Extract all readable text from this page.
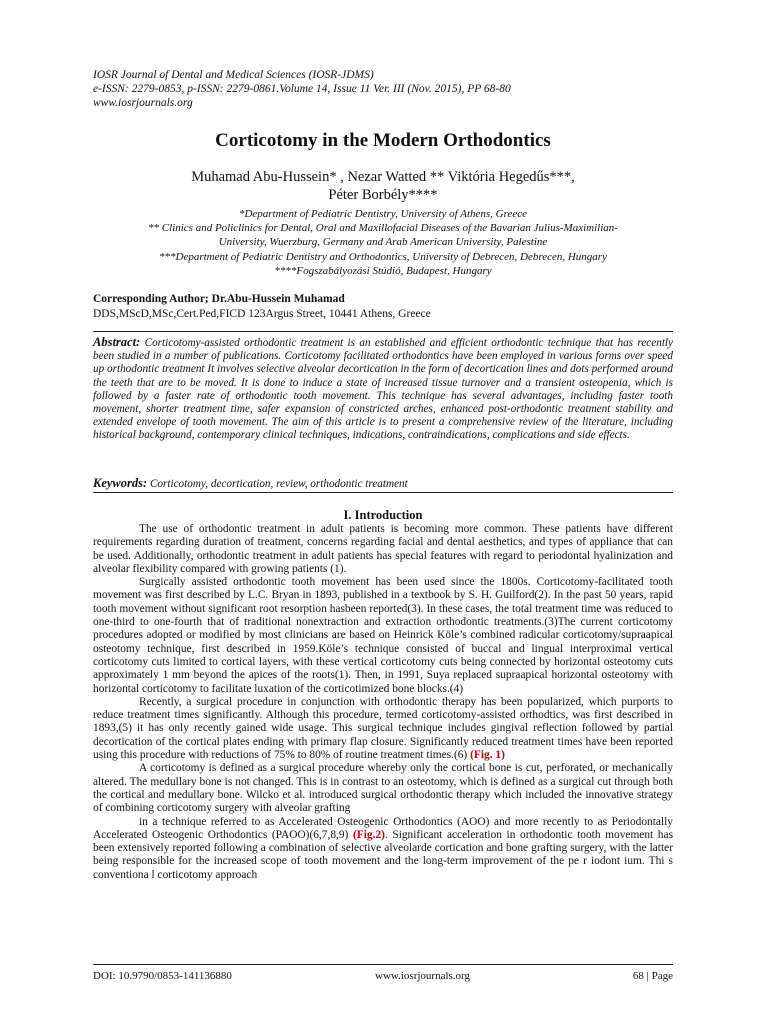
IOSR Journal of Dental and Medical Sciences (IOSR-JDMS)
e-ISSN: 2279-0853, p-ISSN: 2279-0861.Volume 14, Issue 11 Ver. III (Nov. 2015), PP 68-80
www.iosrjournals.org
Corticotomy in the Modern Orthodontics
Muhamad Abu-Hussein* , Nezar Watted ** Viktória Hegedűs***,
Péter Borbély****
*Department of Pediatric Dentistry, University of Athens, Greece
** Clinics and Policlinics for Dental, Oral and Maxillofacial Diseases of the Bavarian Julius-Maximilian-
University, Wuerzburg, Germany and Arab American University, Palestine
***Department of Pediatric Dentistry and Orthodontics, University of Debrecen, Debrecen, Hungary
****Fogszabályozási Stúdió, Budapest, Hungary
Corresponding Author; Dr.Abu-Hussein Muhamad
DDS,MScD,MSc,Cert.Ped,FICD 123Argus Street, 10441 Athens, Greece
Abstract: Corticotomy-assisted orthodontic treatment is an established and efficient orthodontic technique that has recently been studied in a number of publications. Corticotomy facilitated orthodontics have been employed in various forms over speed up orthodontic treatment It involves selective alveolar decortication in the form of decortication lines and dots performed around the teeth that are to be moved. It is done to induce a state of increased tissue turnover and a transient osteopenia, which is followed by a faster rate of orthodontic tooth movement. This technique has several advantages, including faster tooth movement, shorter treatment time, safer expansion of constricted arches, enhanced post-orthodontic treatment stability and extended envelope of tooth movement. The aim of this article is to present a comprehensive review of the literature, including historical background, contemporary clinical techniques, indications, contraindications, complications and side effects.
Keywords: Corticotomy, decortication, review, orthodontic treatment
I. Introduction

The use of orthodontic treatment in adult patients is becoming more common. These patients have different requirements regarding duration of treatment, concerns regarding facial and dental aesthetics, and types of appliance that can be used. Additionally, orthodontic treatment in adult patients has special features with regard to periodontal hyalinization and alveolar flexibility compared with growing patients (1).

Surgically assisted orthodontic tooth movement has been used since the 1800s. Corticotomy-facilitated tooth movement was first described by L.C. Bryan in 1893, published in a textbook by S. H. Guilford(2). In the past 50 years, rapid tooth movement without significant root resorption hasbeen reported(3). In these cases, the total treatment time was reduced to one-third to one-fourth that of traditional nonextraction and extraction orthodontic treatments.(3)The current corticotomy procedures adopted or modified by most clinicians are based on Heinrick Köle’s combined radicular corticotomy/supraapical osteotomy technique, first described in 1959.Köle’s technique consisted of buccal and lingual interproximal vertical corticotomy cuts limited to cortical layers, with these vertical corticotomy cuts being connected by horizontal osteotomy cuts approximately 1 mm beyond the apices of the roots(1). Then, in 1991, Suya replaced supraapical horizontal osteotomy with horizontal corticotomy to facilitate luxation of the corticotimized bone blocks.(4)

Recently, a surgical procedure in conjunction with orthodontic therapy has been popularized, which purports to reduce treatment times significantly. Although this procedure, termed corticotomy-assisted orthodtics, was first described in 1893,(5) it has only recently gained wide usage. This surgical technique includes gingival reflection followed by partial decortication of the cortical plates ending with primary flap closure. Significantly reduced treatment times have been reported using this procedure with reductions of 75% to 80% of routine treatment times.(6) (Fig. 1)

A corticotomy is defined as a surgical procedure whereby only the cortical bone is cut, perforated, or mechanically altered. The medullary bone is not changed. This is in contrast to an osteotomy, which is defined as a surgical cut through both the cortical and medullary bone. Wilcko et al. introduced surgical orthodontic therapy which included the innovative strategy of combining corticotomy surgery with alveolar grafting

in a technique referred to as Accelerated Osteogenic Orthodontics (AOO) and more recently to as Periodontally Accelerated Osteogenic Orthodontics (PAOO)(6,7,8,9) (Fig.2). Significant acceleration in orthodontic tooth movement has been extensively reported following a combination of selective alveolarde cortication and bone grafting surgery, with the latter being responsible for the increased scope of tooth movement and the long-term improvement of the pe r iodont ium. Thi s conventiona l corticotomy approach

DOI: 10.9790/0853-141136880	www.iosrjournals.org	68 | Page
